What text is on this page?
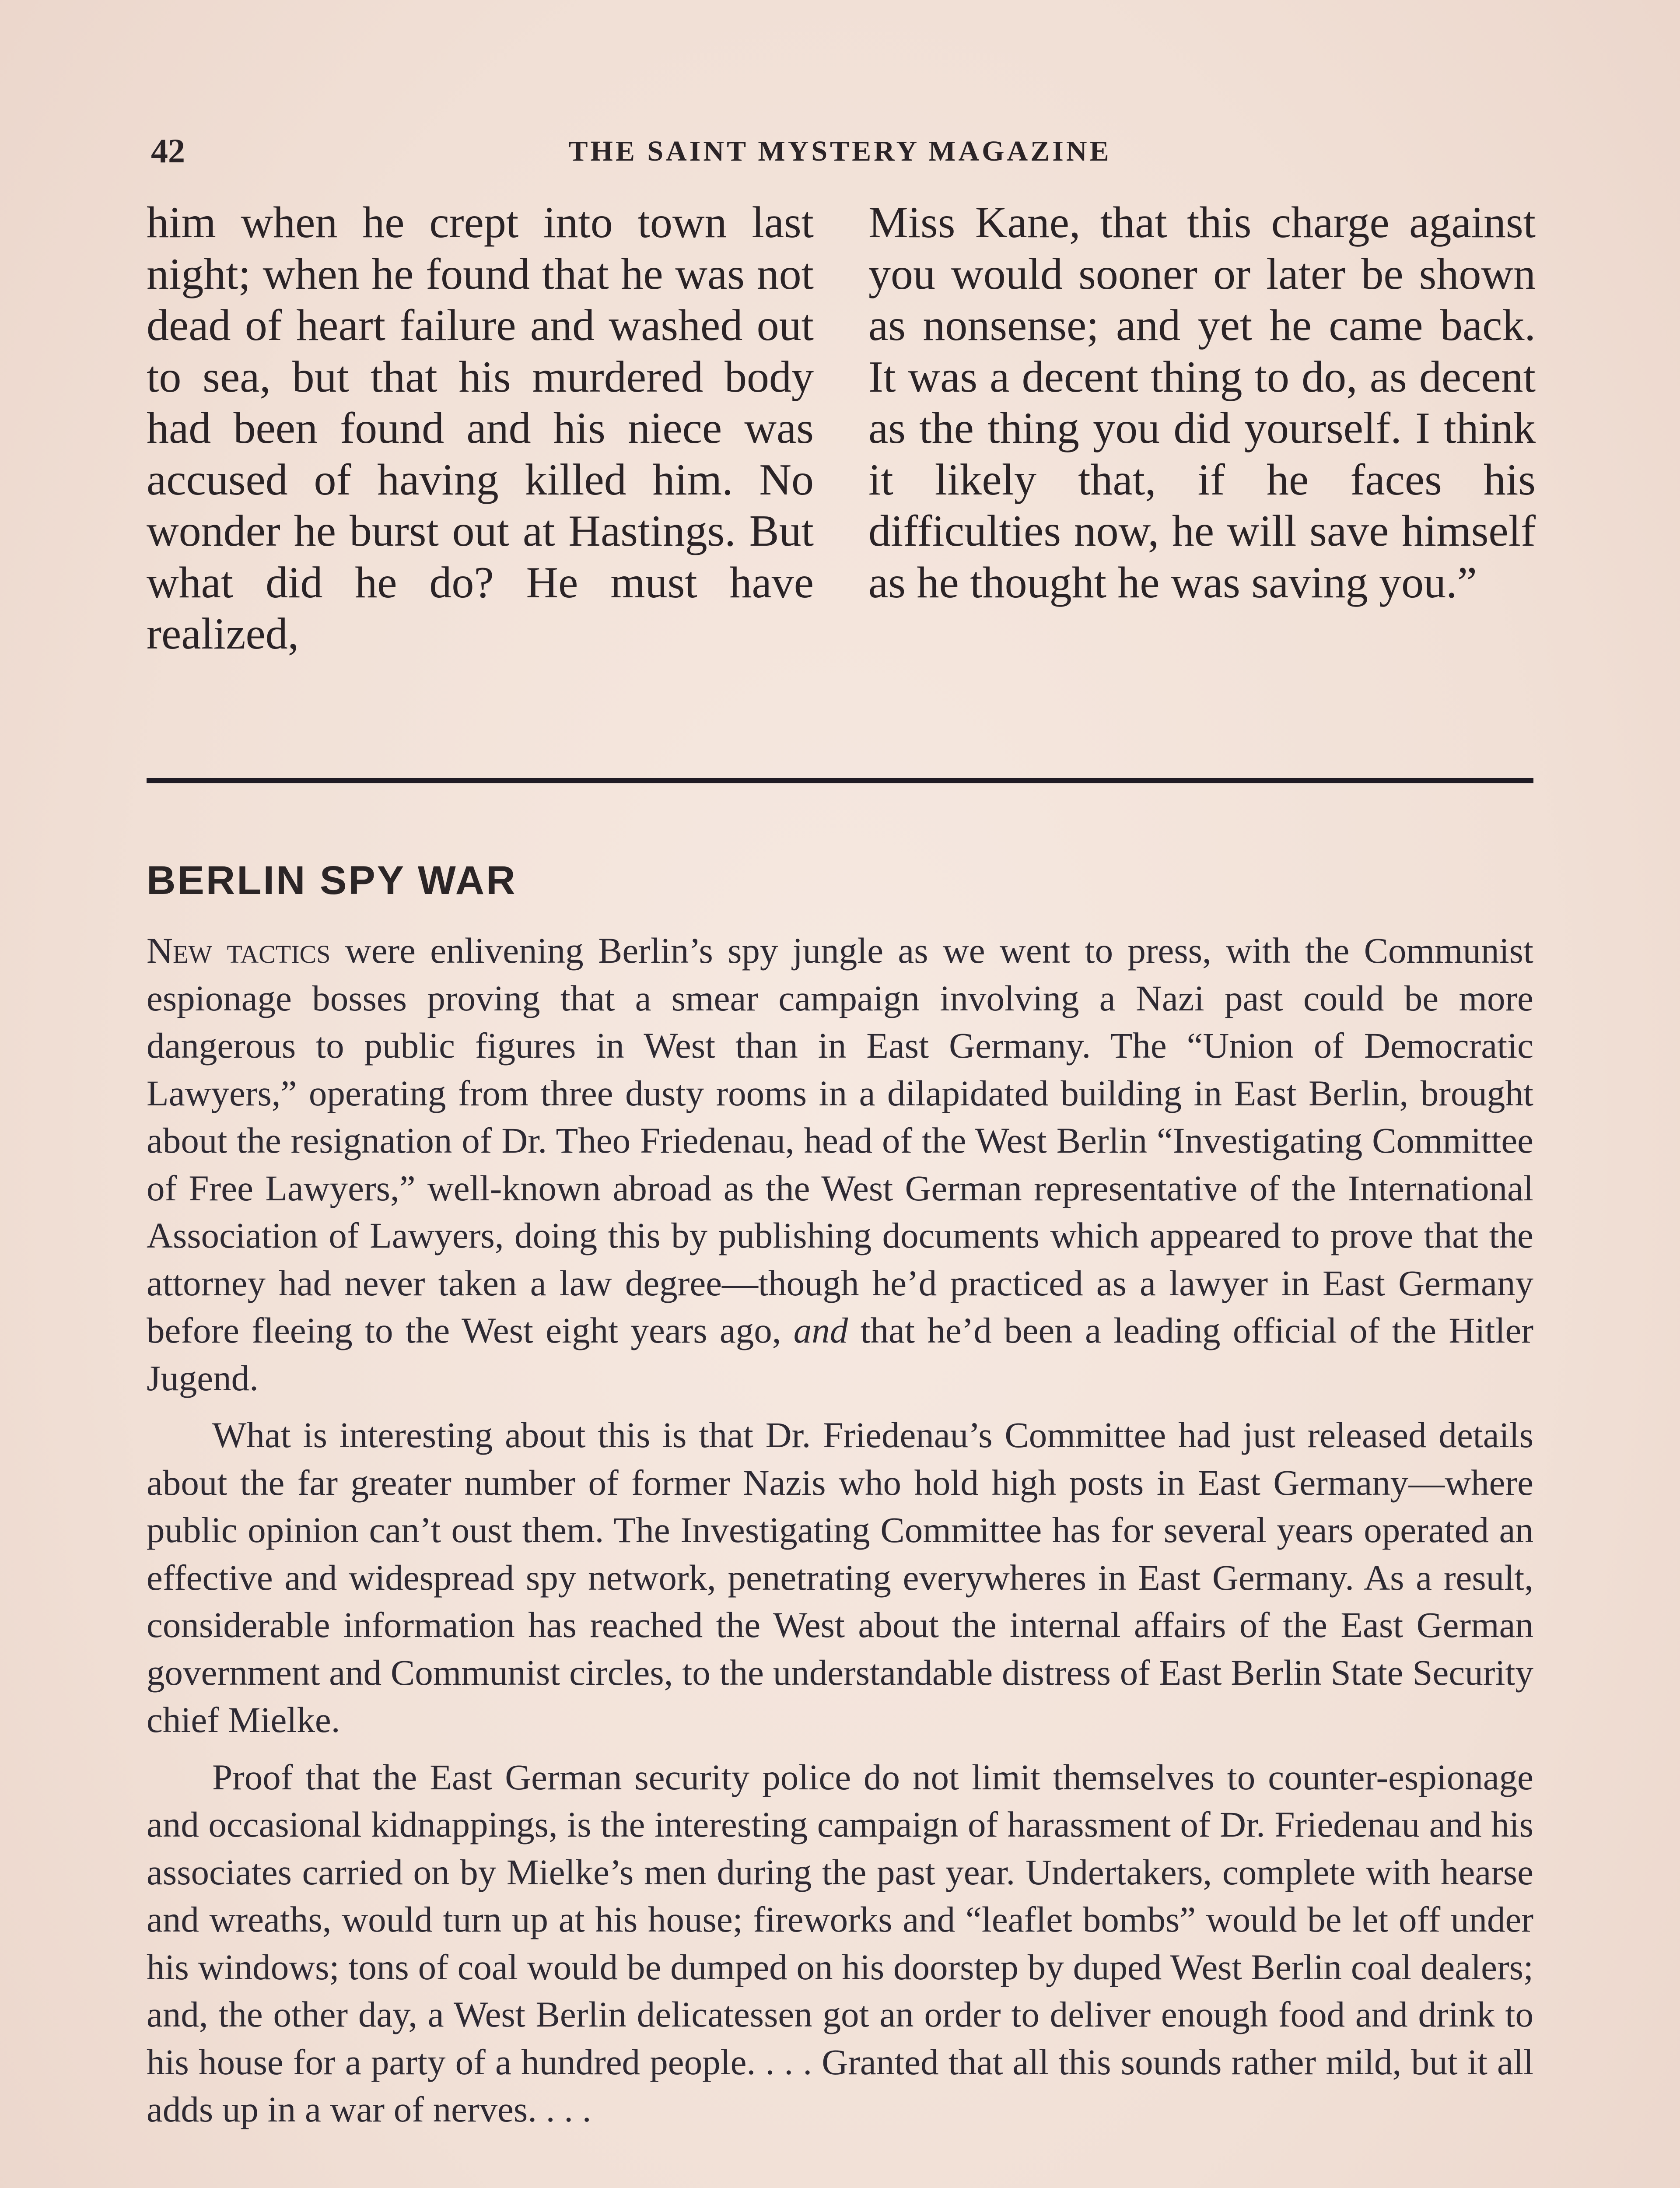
42	THE SAINT MYSTERY MAGAZINE
him when he crept into town last night; when he found that he was not dead of heart failure and washed out to sea, but that his murdered body had been found and his niece was accused of having killed him. No wonder he burst out at Hastings. But what did he do? He must have realized,
Miss Kane, that this charge against you would sooner or later be shown as nonsense; and yet he came back. It was a decent thing to do, as decent as the thing you did yourself. I think it likely that, if he faces his difficulties now, he will save himself as he thought he was saving you.”
BERLIN SPY WAR

New tactics were enlivening Berlin’s spy jungle as we went to press, with the Communist espionage bosses proving that a smear campaign involving a Nazi past could be more dangerous to public figures in West than in East Germany. The “Union of Democratic Lawyers,” operating from three dusty rooms in a dilapidated building in East Berlin, brought about the resignation of Dr. Theo Friedenau, head of the West Berlin “Investigating Committee of Free Lawyers,” well-known abroad as the West German representative of the International Association of Lawyers, doing this by publishing documents which appeared to prove that the attorney had never taken a law degree—though he’d practiced as a lawyer in East Germany before fleeing to the West eight years ago, and that he’d been a leading official of the Hitler Jugend.

What is interesting about this is that Dr. Friedenau’s Committee had just released details about the far greater number of former Nazis who hold high posts in East Germany—where public opinion can’t oust them. The Investigating Committee has for several years operated an effective and widespread spy network, penetrating everywheres in East Germany. As a result, considerable information has reached the West about the internal affairs of the East German government and Communist circles, to the understandable distress of East Berlin State Security chief Mielke.

Proof that the East German security police do not limit themselves to counter-espionage and occasional kidnappings, is the interesting campaign of harassment of Dr. Friedenau and his associates carried on by Mielke’s men during the past year. Undertakers, complete with hearse and wreaths, would turn up at his house; fireworks and “leaflet bombs” would be let off under his windows; tons of coal would be dumped on his doorstep by duped West Berlin coal dealers; and, the other day, a West Berlin delicatessen got an order to deliver enough food and drink to his house for a party of a hundred people. . . . Granted that all this sounds rather mild, but it all adds up in a war of nerves. . . .
